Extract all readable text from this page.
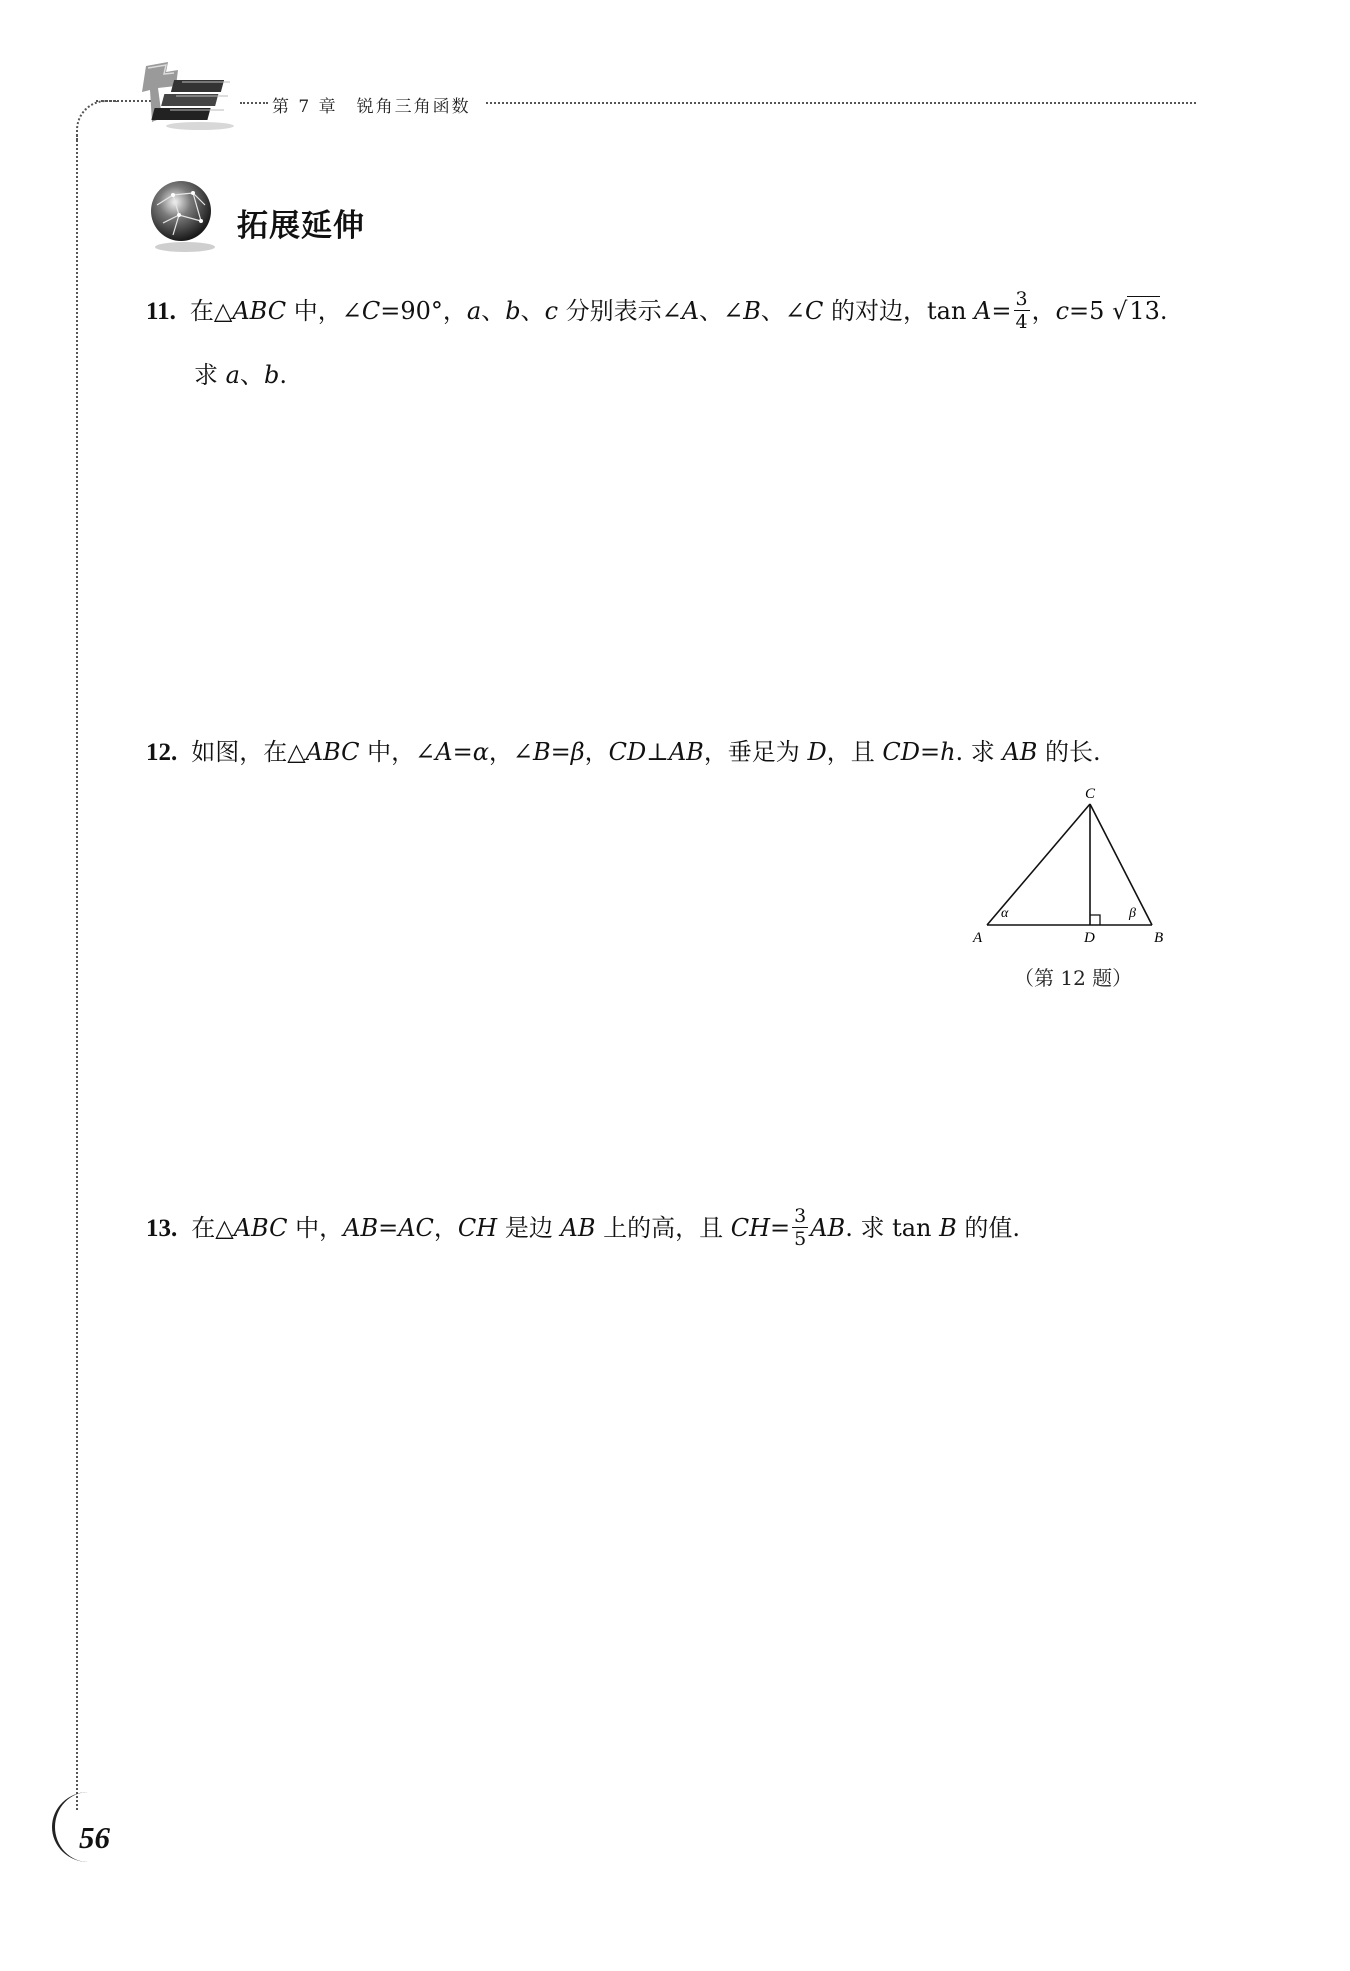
第 7 章　锐角三角函数
拓展延伸
11. 在△ABC 中，∠C=90°，a、b、c 分别表示∠A、∠B、∠C 的对边，$\tan A= \frac{3}{4}$ ，c=5 √13.
求 a、b.
12. 如图，在△ABC 中，∠A=α，∠B=β，CD⊥AB，垂足为 D，且 CD=h. 求 AB 的长.
C
A	B
D
α	β
（第 12 题）
13. 在△ABC 中，AB=AC，CH 是边 AB 上的高，且 $CH= \frac{3}{5}$ AB. 求 tan B 的值.
56
